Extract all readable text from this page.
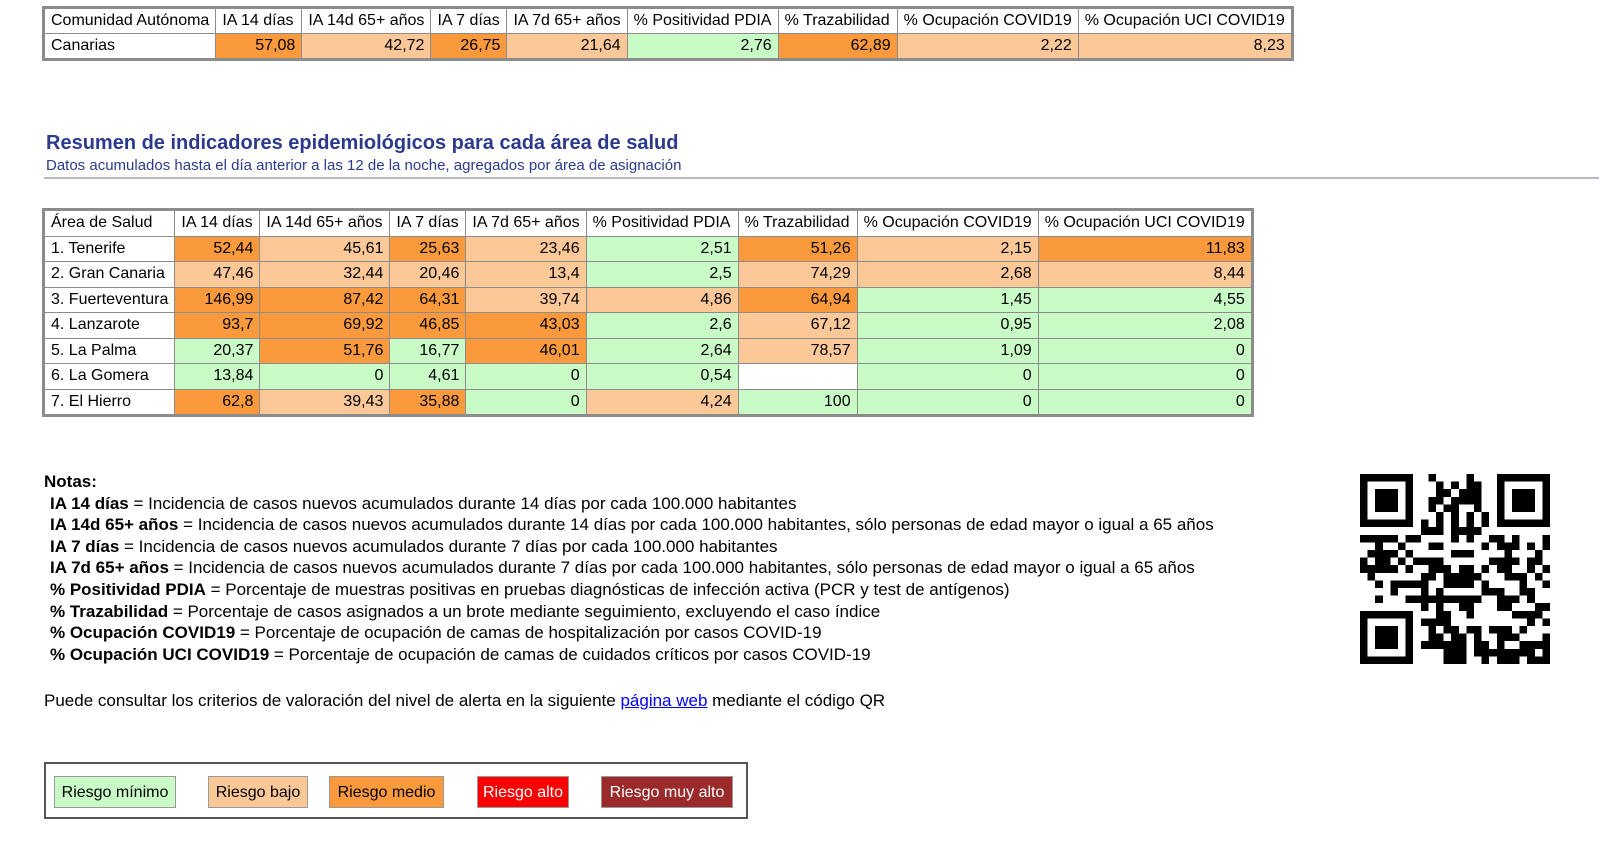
Comunidad Autónoma	IA 14 días	IA 14d 65+ años	IA 7 días	IA 7d 65+ años	% Positividad PDIA	% Trazabilidad	% Ocupación COVID19	% Ocupación UCI COVID19
Canarias	57,08	42,72	26,75	21,64	2,76	62,89	2,22	8,23
Resumen de indicadores epidemiológicos para cada área de salud
Datos acumulados hasta el día anterior a las 12 de la noche, agregados por área de asignación
Área de Salud	IA 14 días	IA 14d 65+ años	IA 7 días	IA 7d 65+ años	% Positividad PDIA	% Trazabilidad	% Ocupación COVID19	% Ocupación UCI COVID19
1. Tenerife	52,44	45,61	25,63	23,46	2,51	51,26	2,15	11,83
2. Gran Canaria	47,46	32,44	20,46	13,4	2,5	74,29	2,68	8,44
3. Fuerteventura	146,99	87,42	64,31	39,74	4,86	64,94	1,45	4,55
4. Lanzarote	93,7	69,92	46,85	43,03	2,6	67,12	0,95	2,08
5. La Palma	20,37	51,76	16,77	46,01	2,64	78,57	1,09	0
6. La Gomera	13,84	0	4,61	0	0,54		0	0
7. El Hierro	62,8	39,43	35,88	0	4,24	100	0	0
Notas:
IA 14 días = Incidencia de casos nuevos acumulados durante 14 días por cada 100.000 habitantes
IA 14d 65+ años = Incidencia de casos nuevos acumulados durante 14 días por cada 100.000 habitantes, sólo personas de edad mayor o igual a 65 años
IA 7 días = Incidencia de casos nuevos acumulados durante 7 días por cada 100.000 habitantes
IA 7d 65+ años = Incidencia de casos nuevos acumulados durante 7 días por cada 100.000 habitantes, sólo personas de edad mayor o igual a 65 años
% Positividad PDIA = Porcentaje de muestras positivas en pruebas diagnósticas de infección activa (PCR y test de antígenos)
% Trazabilidad = Porcentaje de casos asignados a un brote mediante seguimiento, excluyendo el caso índice
% Ocupación COVID19 = Porcentaje de ocupación de camas de hospitalización por casos COVID-19
% Ocupación UCI COVID19 = Porcentaje de ocupación de camas de cuidados críticos por casos COVID-19
Puede consultar los criterios de valoración del nivel de alerta en la siguiente página web mediante el código QR
Riesgo mínimo	Riesgo bajo	Riesgo medio	Riesgo alto	Riesgo muy alto
